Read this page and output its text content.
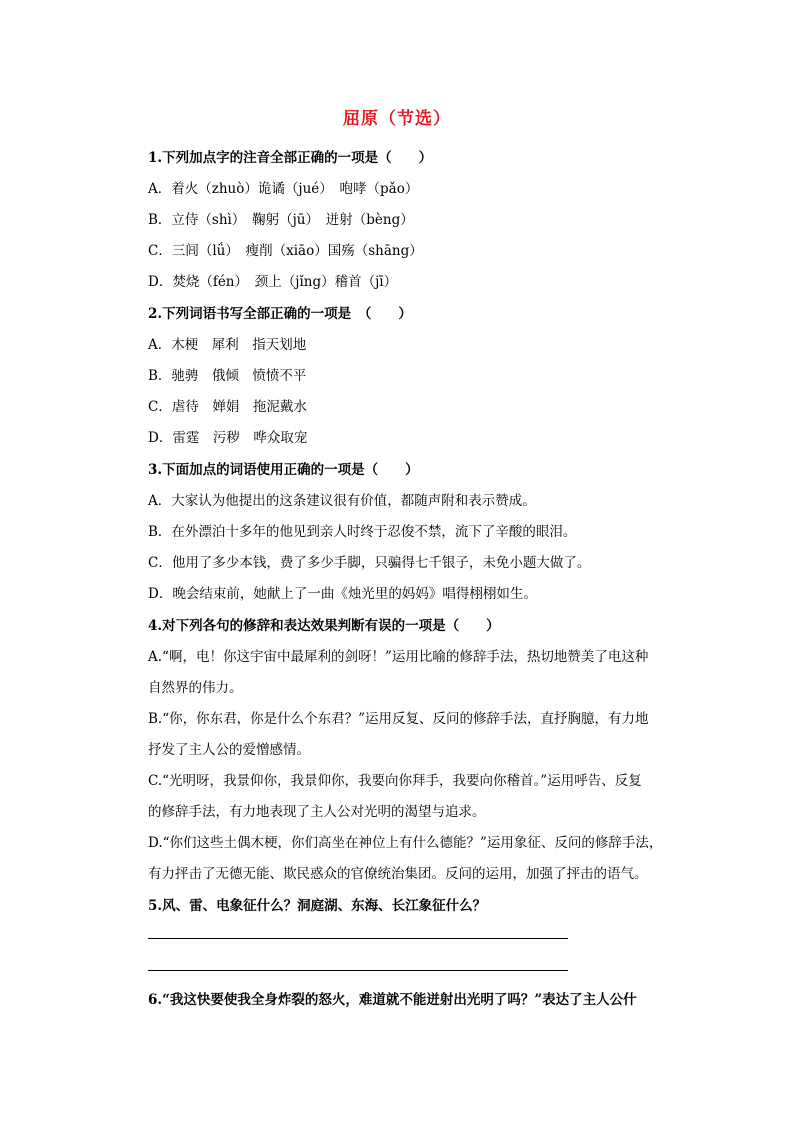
屈原（节选）
1.下列加点字的注音全部正确的一项是（　　）
A．着火（zhuò）诡谲（jué）　咆哮（pǎo）
B．立侍（shì）　鞠躬（jū）　迸射（bèng）
C．三闾（lǘ）　瘦削（xiāo）国殇（shāng）
D．焚烧（fén）　颈上（jǐng）稽首（jī）
2.下列词语书写全部正确的一项是　（　　）
A．木梗　犀利　指天划地
B．驰骋　俄倾　愤愤不平
C．虐待　婵娟　拖泥戴水
D．雷霆　污秽　哗众取宠
3.下面加点的词语使用正确的一项是（　　）
A．大家认为他提出的这条建议很有价值，都随声附和表示赞成。
B．在外漂泊十多年的他见到亲人时终于忍俊不禁，流下了辛酸的眼泪。
C．他用了多少本钱，费了多少手脚，只骗得七千银子，未免小题大做了。
D．晚会结束前，她献上了一曲《烛光里的妈妈》唱得栩栩如生。
4.对下列各句的修辞和表达效果判断有误的一项是（　　）
A.“啊，电！你这宇宙中最犀利的剑呀！”运用比喻的修辞手法，热切地赞美了电这种
自然界的伟力。
B.“你，你东君，你是什么个东君？”运用反复、反问的修辞手法，直抒胸臆，有力地
抒发了主人公的爱憎感情。
C.“光明呀，我景仰你，我景仰你，我要向你拜手，我要向你稽首。”运用呼告、反复
的修辞手法，有力地表现了主人公对光明的渴望与追求。
D.“你们这些土偶木梗，你们高坐在神位上有什么德能？”运用象征、反问的修辞手法，
有力抨击了无德无能、欺民惑众的官僚统治集团。反问的运用，加强了抨击的语气。
5.风、雷、电象征什么？洞庭湖、东海、长江象征什么？
6.“我这快要使我全身炸裂的怒火，难道就不能迸射出光明了吗？”表达了主人公什
